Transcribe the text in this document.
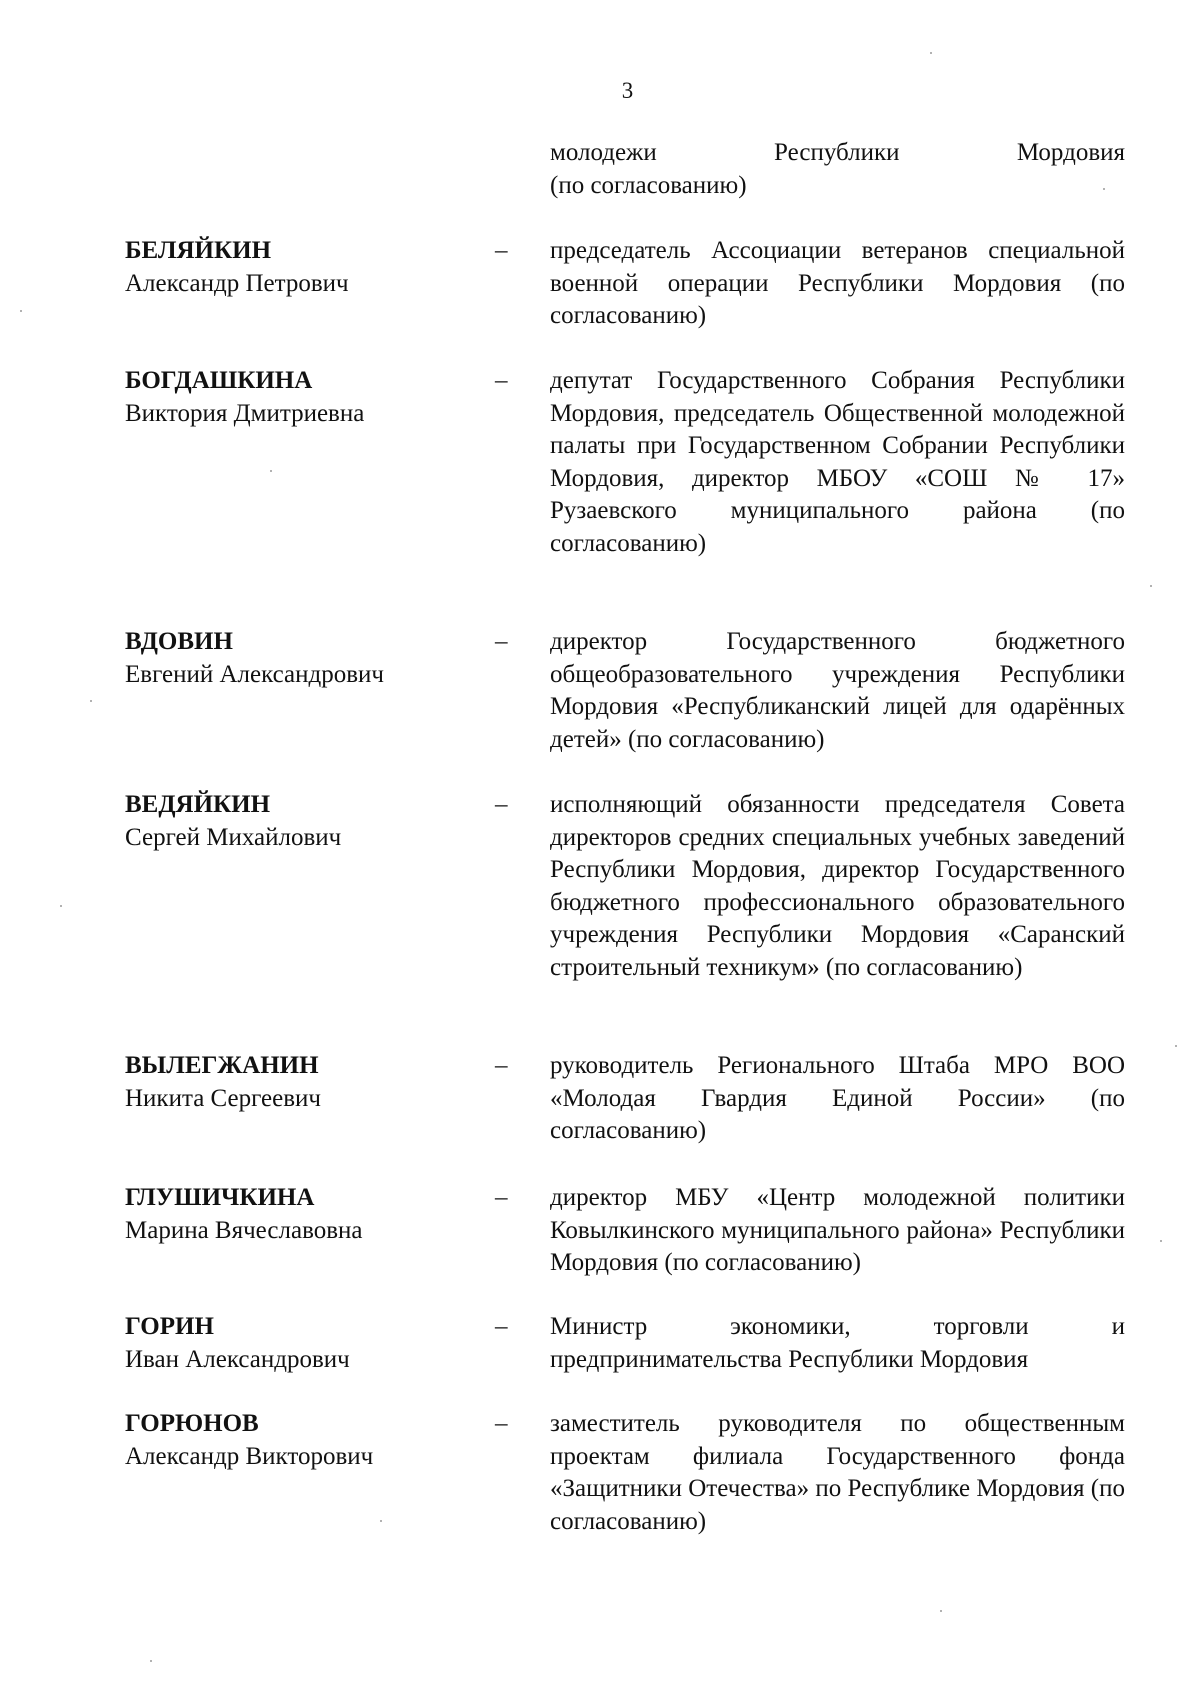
3
молодежи Республики Мордовия
(по согласованию)
БЕЛЯЙКИН
Александр Петрович
– председатель Ассоциации ветеранов специальной военной операции Республики Мордовия (по согласованию)
БОГДАШКИНА
Виктория Дмитриевна
– депутат Государственного Собрания Республики Мордовия, председатель Общественной молодежной палаты при Государственном Собрании Республики Мордовия, директор МБОУ «СОШ № 17» Рузаевского муниципального района (по согласованию)
ВДОВИН
Евгений Александрович
– директор Государственного бюджетного общеобразовательного учреждения Республики Мордовия «Республиканский лицей для одарённых детей» (по согласованию)
ВЕДЯЙКИН
Сергей Михайлович
– исполняющий обязанности председателя Совета директоров средних специальных учебных заведений Республики Мордовия, директор Государственного бюджетного профессионального образовательного учреждения Республики Мордовия «Саранский строительный техникум» (по согласованию)
ВЫЛЕГЖАНИН
Никита Сергеевич
– руководитель Регионального Штаба МРО ВОО «Молодая Гвардия Единой России» (по согласованию)
ГЛУШИЧКИНА
Марина Вячеславовна
– директор МБУ «Центр молодежной политики Ковылкинского муниципального района» Республики Мордовия (по согласованию)
ГОРИН
Иван Александрович
– Министр экономики, торговли и предпринимательства Республики Мордовия
ГОРЮНОВ
Александр Викторович
– заместитель руководителя по общественным проектам филиала Государственного фонда «Защитники Отечества» по Республике Мордовия (по согласованию)
